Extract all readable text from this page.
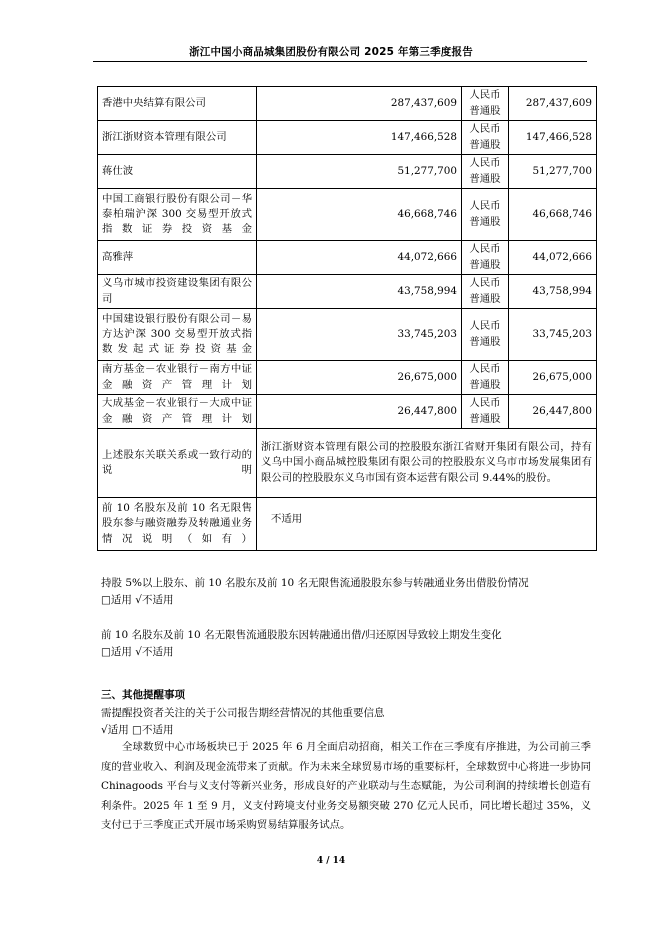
浙江中国小商品城集团股份有限公司 2025 年第三季度报告
香港中央结算有限公司	287,437,609	人民币普通股	287,437,609
浙江浙财资本管理有限公司	147,466,528	人民币普通股	147,466,528
蒋仕波	51,277,700	人民币普通股	51,277,700
中国工商银行股份有限公司－华泰柏瑞沪深 300 交易型开放式指数证券投资基金	46,668,746	人民币普通股	46,668,746
高雅萍	44,072,666	人民币普通股	44,072,666
义乌市城市投资建设集团有限公司	43,758,994	人民币普通股	43,758,994
中国建设银行股份有限公司－易方达沪深 300 交易型开放式指数发起式证券投资基金	33,745,203	人民币普通股	33,745,203
南方基金－农业银行－南方中证金融资产管理计划	26,675,000	人民币普通股	26,675,000
大成基金－农业银行－大成中证金融资产管理计划	26,447,800	人民币普通股	26,447,800
上述股东关联关系或一致行动的说明	浙江浙财资本管理有限公司的控股股东浙江省财开集团有限公司，持有义乌中国小商品城控股集团有限公司的控股股东义乌市市场发展集团有限公司的控股股东义乌市国有资本运营有限公司 9.44%的股份。		
前 10 名股东及前 10 名无限售股东参与融资融券及转融通业务情况说明（如有）	不适用		
持股 5%以上股东、前 10 名股东及前 10 名无限售流通股股东参与转融通业务出借股份情况
□适用 √不适用
前 10 名股东及前 10 名无限售流通股股东因转融通出借/归还原因导致较上期发生变化
□适用 √不适用
三、其他提醒事项
需提醒投资者关注的关于公司报告期经营情况的其他重要信息
√适用 □不适用
全球数贸中心市场板块已于 2025 年 6 月全面启动招商，相关工作在三季度有序推进，为公司前三季度的营业收入、利润及现金流带来了贡献。作为未来全球贸易市场的重要标杆，全球数贸中心将进一步协同 Chinagoods 平台与义支付等新兴业务，形成良好的产业联动与生态赋能，为公司利润的持续增长创造有利条件。2025 年 1 至 9 月，义支付跨境支付业务交易额突破 270 亿元人民币，同比增长超过 35%，义支付已于三季度正式开展市场采购贸易结算服务试点。
4 / 14
